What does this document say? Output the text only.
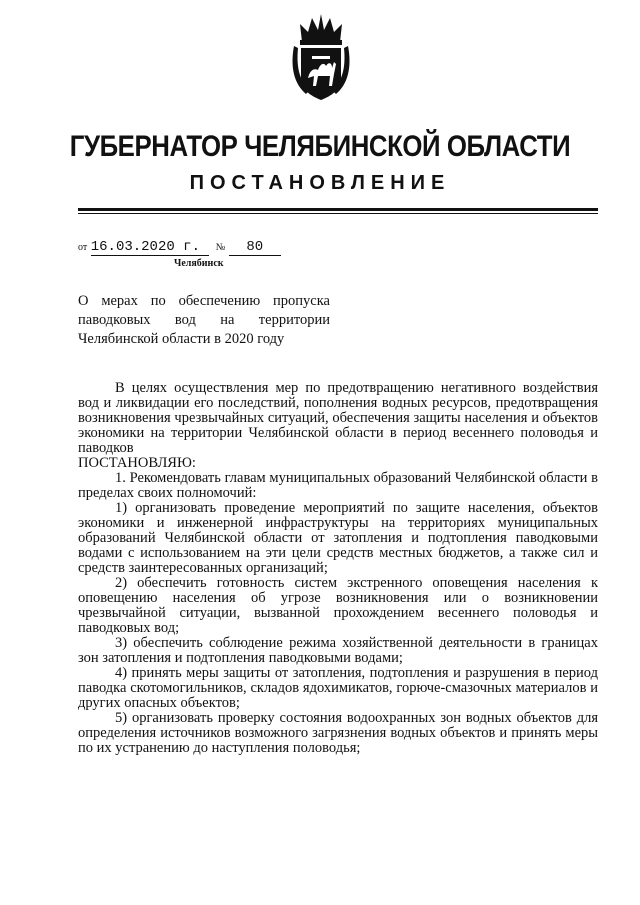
ГУБЕРНАТОР ЧЕЛЯБИНСКОЙ ОБЛАСТИ
ПОСТАНОВЛЕНИЕ
от 16.03.2020 г. № 80
Челябинск
О мерах по обеспечению пропуска
паводковых вод на территории
Челябинской области в 2020 году

В целях осуществления мер по предотвращению негативного воздействия вод и ликвидации его последствий, пополнения водных ресурсов, предотвращения возникновения чрезвычайных ситуаций, обеспечения защиты населения и объектов экономики на территории Челябинской области в период весеннего половодья и паводков

ПОСТАНОВЛЯЮ:

1. Рекомендовать главам муниципальных образований Челябинской области в пределах своих полномочий:

1) организовать проведение мероприятий по защите населения, объектов экономики и инженерной инфраструктуры на территориях муниципальных образований Челябинской области от затопления и подтопления паводковыми водами с использованием на эти цели средств местных бюджетов, а также сил и средств заинтересованных организаций;

2) обеспечить готовность систем экстренного оповещения населения к оповещению населения об угрозе возникновения или о возникновении чрезвычайной ситуации, вызванной прохождением весеннего половодья и паводковых вод;

3) обеспечить соблюдение режима хозяйственной деятельности в границах зон затопления и подтопления паводковыми водами;

4) принять меры защиты от затопления, подтопления и разрушения в период паводка скотомогильников, складов ядохимикатов, горюче-смазочных материалов и других опасных объектов;

5) организовать проверку состояния водоохранных зон водных объектов для определения источников возможного загрязнения водных объектов и принять меры по их устранению до наступления половодья;
